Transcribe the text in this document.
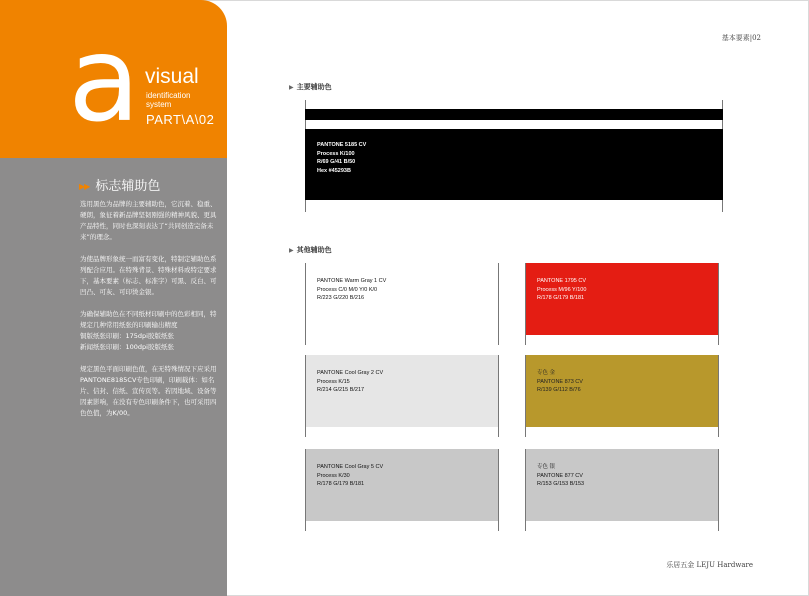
a visual
identification
system
PART\A\02
▶▶ 标志辅助色

选用黑色为品牌的主要辅助色，它沉着、稳重、硬朗，象征着新品牌坚韧刚强的精神风貌、更具产品特性，同时也深刻表达了“共同创造完备未来”的理念。

为使品牌形象统一而富有变化，特制定辅助色系列配合应用。在特殊背景、特殊材料或特定要求下，基本要素（标志、标准字）可黑、反白、可凹凸、可灰、可印烫金银。

为确保辅助色在不同纸材印刷中的色彩相同，特规定几种常用纸张的印刷输出精度

铜版纸张印刷：175dpi胶版纸张

新闻纸张印刷：100dpi胶版纸张

规定黑色平面印刷色值，在无特殊情况下应采用PANTONE8185CV专色印刷，印刷载体：如名片、信封、信纸、宣传页等。若因地域、设备等因素影响，在没有专色印刷条件下，也可采用四色色值，为K/00。

基本要素|02
▶ 主要辅助色
PANTONE 5185 CV
Process K/100
R/69 G/41 B/50
Hex #45293B
▶ 其他辅助色
PANTONE Warm Gray 1 CV
Process C/0 M/0 Y/0 K/0
R/223 G/220 B/216
PANTONE 1795 CV
Process M/96 Y/100
R/178 G/179 B/181
PANTONE Cool Gray 2 CV
Process K/15
R/214 G/215 B/217
专色 金
PANTONE 873 CV
R/139 G/112 B/76
PANTONE Cool Gray 5 CV
Process K/30
R/178 G/179 B/181
专色 银
PANTONE 877 CV
R/153 G/153 B/153
乐居五金 LEJU Hardware
